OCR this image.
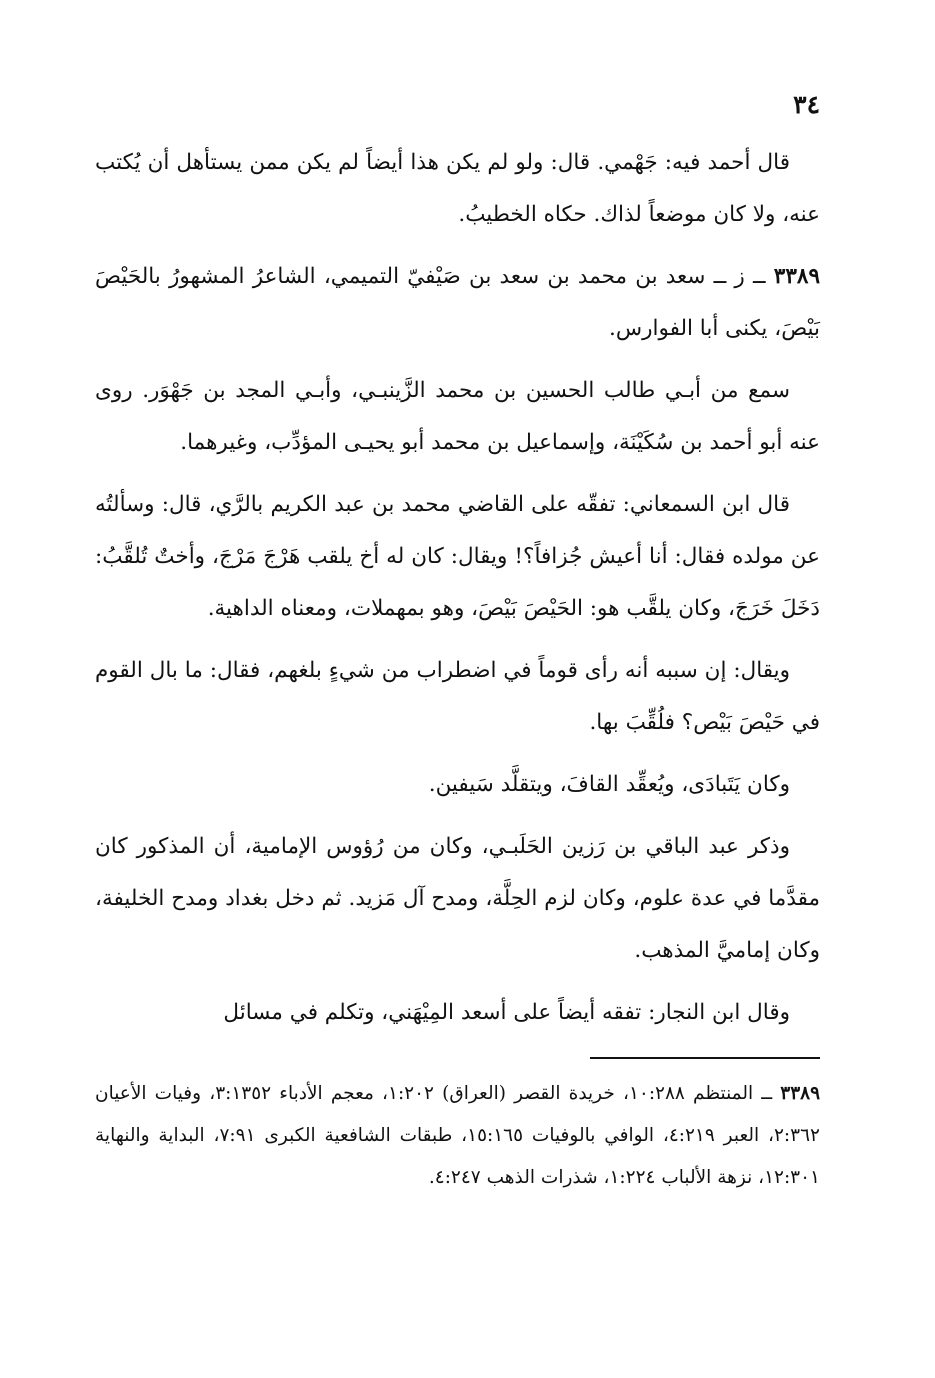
٣٤

قال أحمد فيه: جَهْمي. قال: ولو لم يكن هذا أيضاً لم يكن ممن يستأهل أن يُكتب عنه، ولا كان موضعاً لذاك. حكاه الخطيبُ.

٣٣٨٩ ــ ز ــ سعد بن محمد بن سعد بن صَيْفيّ التميمي، الشاعرُ المشهورُ بالحَيْصَ بَيْصَ، يكنى أبا الفوارس.

سمع من أبـي طالب الحسين بن محمد الزَّينبـي، وأبـي المجد بن جَهْوَر. روى عنه أبو أحمد بن سُكَيْنَة، وإسماعيل بن محمد أبو يحيـى المؤدِّب، وغيرهما.

قال ابن السمعاني: تفقّه على القاضي محمد بن عبد الكريم بالرَّي، قال: وسألتُه عن مولده فقال: أنا أعيش جُزافاً؟! ويقال: كان له أخ يلقب هَرْجَ مَرْجَ، وأختٌ تُلقَّبُ: دَخَلَ خَرَجَ، وكان يلقَّب هو: الحَيْصَ بَيْصَ، وهو بمهملات، ومعناه الداهية.

ويقال: إن سببه أنه رأى قوماً في اضطراب من شيءٍ بلغهم، فقال: ما بال القوم في حَيْصَ بَيْص؟ فلُقِّبَ بها.

وكان يَتَبادَى، ويُعقِّد القافَ، ويتقلَّد سَيفين.

وذكر عبد الباقي بن رَزين الحَلَبـي، وكان من رُؤوس الإمامية، أن المذكور كان مقدَّما في عدة علوم، وكان لزم الحِلَّة، ومدح آل مَزيد. ثم دخل بغداد ومدح الخليفة، وكان إماميَّ المذهب.

وقال ابن النجار: تفقه أيضاً على أسعد المِيْهَني، وتكلم في مسائل

٣٣٨٩ ــ المنتظم ١٠:٢٨٨، خريدة القصر (العراق) ١:٢٠٢، معجم الأدباء ٣:١٣٥٢، وفيات الأعيان ٢:٣٦٢، العبر ٤:٢١٩، الوافي بالوفيات ١٥:١٦٥، طبقات الشافعية الكبرى ٧:٩١، البداية والنهاية ١٢:٣٠١، نزهة الألباب ١:٢٢٤، شذرات الذهب ٤:٢٤٧.
